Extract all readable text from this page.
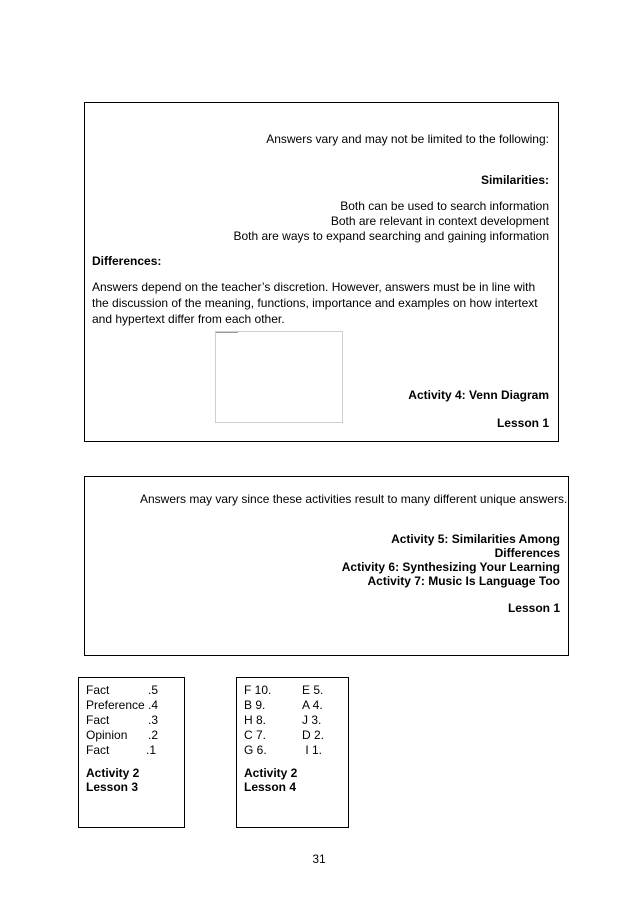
Answers vary and may not be limited to the following:
Similarities:
Both can be used to search information
Both are relevant in context development
Both are ways to expand searching and gaining information
Differences:
Answers depend on the teacher’s discretion. However, answers must be in line with the discussion of the meaning, functions, importance and examples on how intertext and hypertext differ from each other.
Activity 4: Venn Diagram
Lesson 1
Answers may vary since these activities result to many different unique answers.
Activity 5: Similarities Among
Differences
Activity 6: Synthesizing Your Learning
Activity 7: Music Is Language Too
Lesson 1
Fact	.5
Preference .4
Fact	.3
Opinion .2
Fact	.1
Activity 2
Lesson 3
F 10.	E 5.
B 9.	A 4.
H 8.	J 3.
C 7.	D 2.
G 6.	I 1.
Activity 2
Lesson 4
31
